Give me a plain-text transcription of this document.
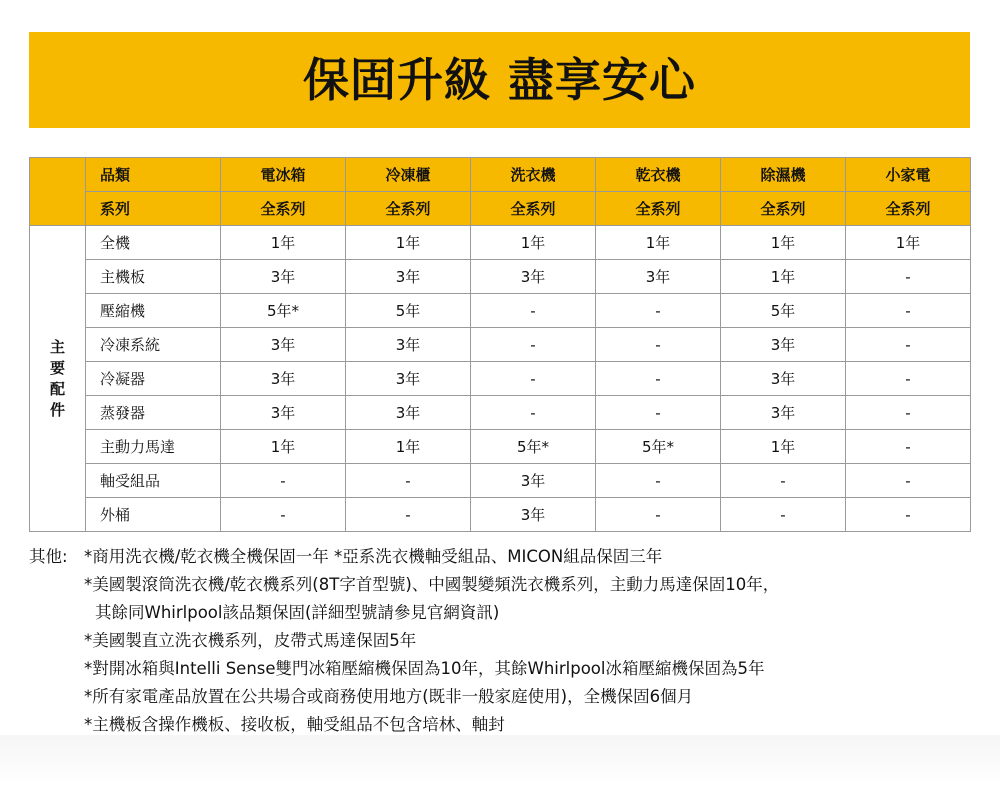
保固升級 盡享安心
	品類	電冰箱	冷凍櫃	洗衣機	乾衣機	除濕機	小家電
	系列	全系列	全系列	全系列	全系列	全系列	全系列
主要配件	全機	1年	1年	1年	1年	1年	1年
	主機板	3年	3年	3年	3年	1年	-
	壓縮機	5年*	5年	-	-	5年	-
	冷凍系統	3年	3年	-	-	3年	-
	冷凝器	3年	3年	-	-	3年	-
	蒸發器	3年	3年	-	-	3年	-
	主動力馬達	1年	1年	5年*	5年*	1年	-
	軸受組品	-	-	3年	-	-	-
	外桶	-	-	3年	-	-	-
其他: *商用洗衣機/乾衣機全機保固一年 *亞系洗衣機軸受組品、MICON組品保固三年
*美國製滾筒洗衣機/乾衣機系列(8T字首型號)、中國製變頻洗衣機系列，主動力馬達保固10年，
其餘同Whirlpool該品類保固(詳細型號請參見官網資訊)
*美國製直立洗衣機系列，皮帶式馬達保固5年
*對開冰箱與Intelli Sense雙門冰箱壓縮機保固為10年，其餘Whirlpool冰箱壓縮機保固為5年
*所有家電產品放置在公共場合或商務使用地方(既非一般家庭使用)，全機保固6個月
*主機板含操作機板、接收板，軸受組品不包含培林、軸封
